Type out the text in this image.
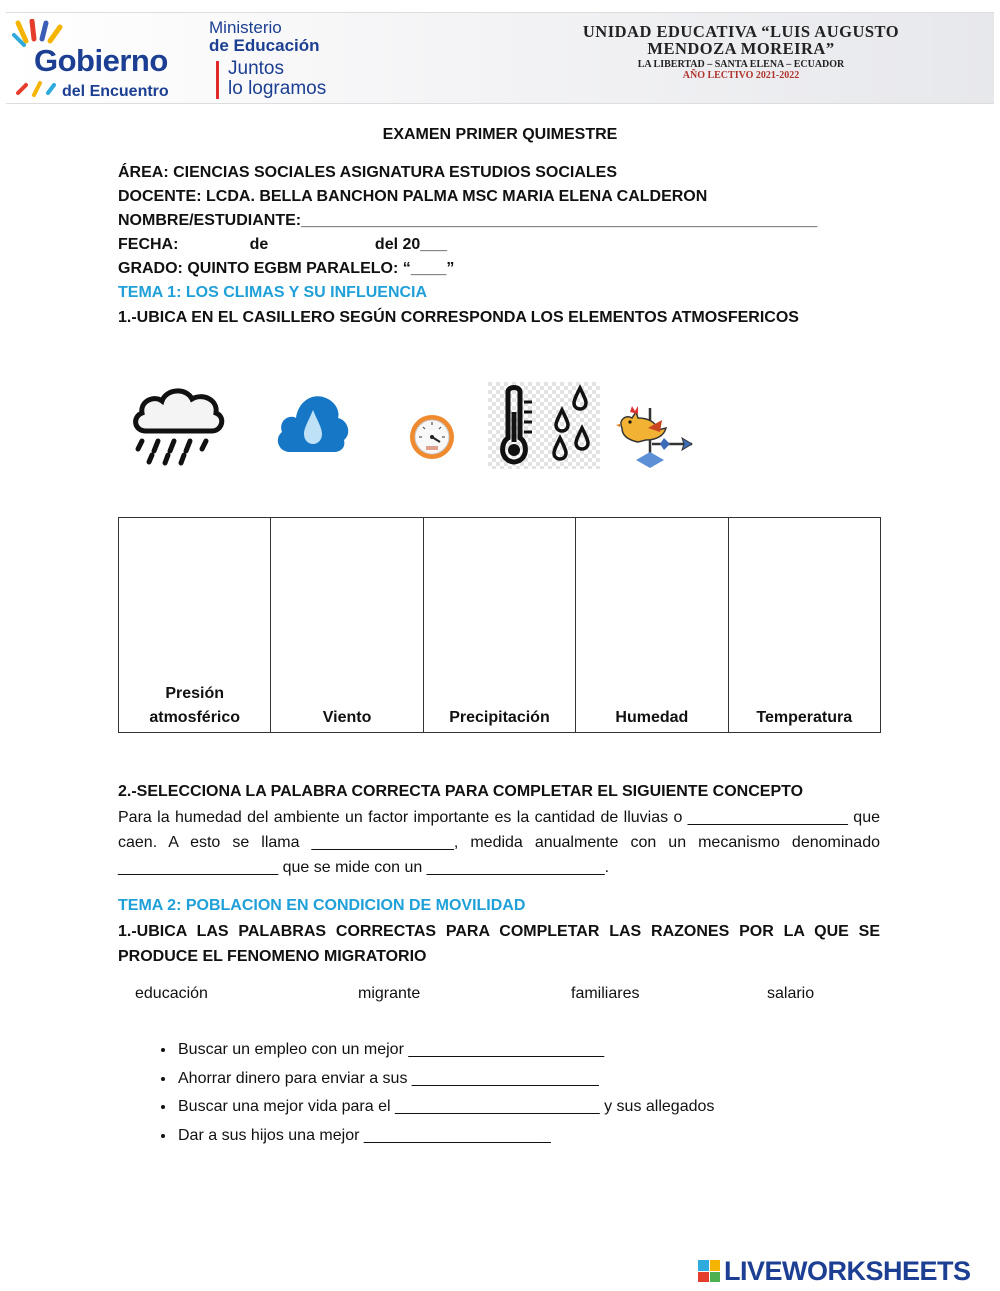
Gobierno
del Encuentro
Ministerio
de Educación
Juntos
lo logramos
UNIDAD EDUCATIVA “LUIS AUGUSTO
MENDOZA MOREIRA”
LA LIBERTAD – SANTA ELENA – ECUADOR
AÑO LECTIVO 2021-2022
EXAMEN PRIMER QUIMESTRE
ÁREA: CIENCIAS SOCIALES ASIGNATURA ESTUDIOS SOCIALES
DOCENTE: LCDA. BELLA BANCHON PALMA MSC MARIA ELENA CALDERON
NOMBRE/ESTUDIANTE:__________________________________________________________
FECHA:                de                        del 20___
GRADO: QUINTO EGBM PARALELO: “____”
TEMA 1: LOS CLIMAS Y SU INFLUENCIA
1.-UBICA EN EL CASILLERO SEGÚN CORRESPONDA LOS ELEMENTOS ATMOSFERICOS
Presión atmosférico	Viento	Precipitación	Humedad	Temperatura
2.-SELECCIONA LA PALABRA CORRECTA PARA COMPLETAR EL SIGUIENTE CONCEPTO
Para la humedad del ambiente un factor importante es la cantidad de lluvias o __________________ que caen. A esto se llama ________________, medida anualmente con un mecanismo denominado __________________ que se mide con un ____________________.
TEMA 2: POBLACION EN CONDICION DE MOVILIDAD
1.-UBICA LAS PALABRAS CORRECTAS PARA COMPLETAR LAS RAZONES POR LA QUE SE PRODUCE EL FENOMENO MIGRATORIO
educación	migrante	familiares	salario
• Buscar un empleo con un mejor ______________________
• Ahorrar dinero para enviar a sus _____________________
• Buscar una mejor vida para el _______________________ y sus allegados
• Dar a sus hijos una mejor _____________________
LIVEWORKSHEETS
